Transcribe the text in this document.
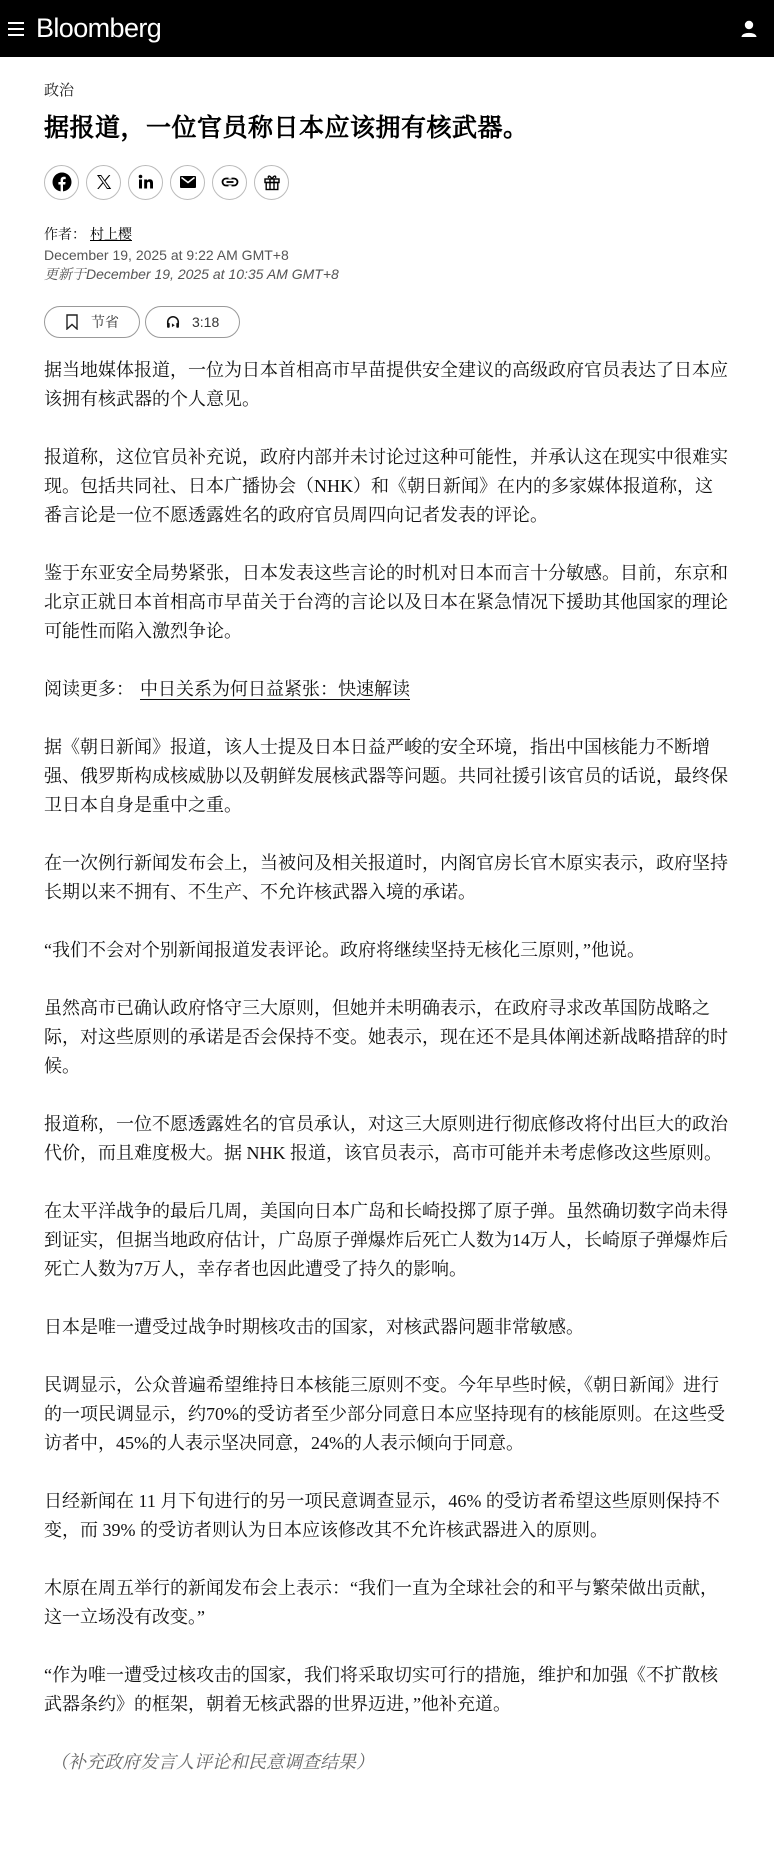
Bloomberg
政治
据报道，一位官员称日本应该拥有核武器。
作者： 村上樱
December 19, 2025 at 9:22 AM GMT+8
更新于December 19, 2025 at 10:35 AM GMT+8
节省	3:18

据当地媒体报道，一位为日本首相高市早苗提供安全建议的高级政府官员表达了日本应该拥有核武器的个人意见。

报道称，这位官员补充说，政府内部并未讨论过这种可能性，并承认这在现实中很难实现。包括共同社、日本广播协会（NHK）和《朝日新闻》在内的多家媒体报道称，这番言论是一位不愿透露姓名的政府官员周四向记者发表的评论。

鉴于东亚安全局势紧张，日本发表这些言论的时机对日本而言十分敏感。目前，东京和北京正就日本首相高市早苗关于台湾的言论以及日本在紧急情况下援助其他国家的理论可能性而陷入激烈争论。

阅读更多： 中日关系为何日益紧张：快速解读

据《朝日新闻》报道，该人士提及日本日益严峻的安全环境，指出中国核能力不断增强、俄罗斯构成核威胁以及朝鲜发展核武器等问题。共同社援引该官员的话说，最终保卫日本自身是重中之重。

在一次例行新闻发布会上，当被问及相关报道时，内阁官房长官木原实表示，政府坚持长期以来不拥有、不生产、不允许核武器入境的承诺。

“我们不会对个别新闻报道发表评论。政府将继续坚持无核化三原则，”他说。

虽然高市已确认政府恪守三大原则，但她并未明确表示，在政府寻求改革国防战略之际，对这些原则的承诺是否会保持不变。她表示，现在还不是具体阐述新战略措辞的时候。

报道称，一位不愿透露姓名的官员承认，对这三大原则进行彻底修改将付出巨大的政治代价，而且难度极大。据 NHK 报道，该官员表示，高市可能并未考虑修改这些原则。

在太平洋战争的最后几周，美国向日本广岛和长崎投掷了原子弹。虽然确切数字尚未得到证实，但据当地政府估计，广岛原子弹爆炸后死亡人数为14万人，长崎原子弹爆炸后死亡人数为7万人，幸存者也因此遭受了持久的影响。

日本是唯一遭受过战争时期核攻击的国家，对核武器问题非常敏感。

民调显示，公众普遍希望维持日本核能三原则不变。今年早些时候，《朝日新闻》进行的一项民调显示，约70%的受访者至少部分同意日本应坚持现有的核能原则。在这些受访者中，45%的人表示坚决同意，24%的人表示倾向于同意。

日经新闻在 11 月下旬进行的另一项民意调查显示，46% 的受访者希望这些原则保持不变，而 39% 的受访者则认为日本应该修改其不允许核武器进入的原则。

木原在周五举行的新闻发布会上表示：“我们一直为全球社会的和平与繁荣做出贡献，这一立场没有改变。”

“作为唯一遭受过核攻击的国家，我们将采取切实可行的措施，维护和加强《不扩散核武器条约》的框架，朝着无核武器的世界迈进，”他补充道。

（补充政府发言人评论和民意调查结果）
